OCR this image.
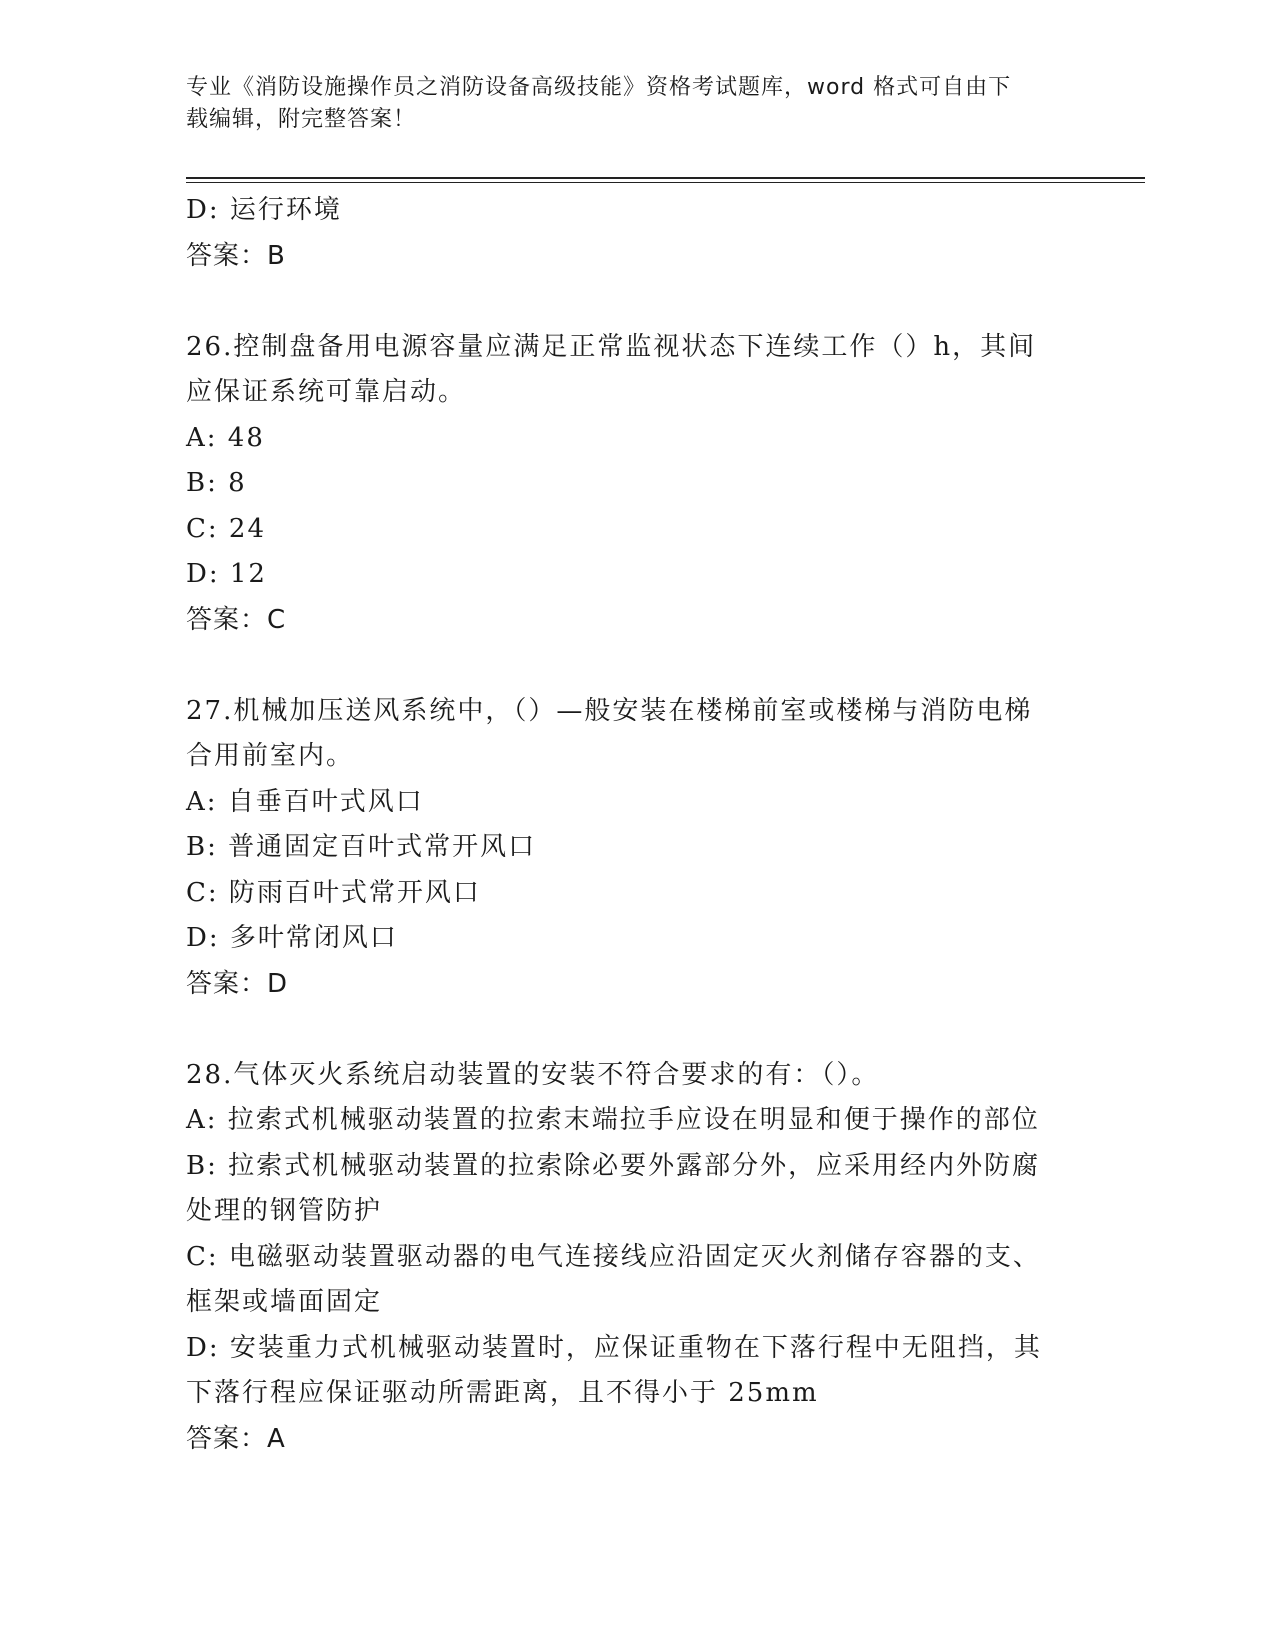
专业《消防设施操作员之消防设备高级技能》资格考试题库，word 格式可自由下
载编辑，附完整答案！
D: 运行环境
答案：B
26.控制盘备用电源容量应满足正常监视状态下连续工作（）h，其间
应保证系统可靠启动。
A: 48
B: 8
C: 24
D: 12
答案：C
27.机械加压送风系统中，（）—般安装在楼梯前室或楼梯与消防电梯
合用前室内。
A: 自垂百叶式风口
B: 普通固定百叶式常开风口
C: 防雨百叶式常开风口
D: 多叶常闭风口
答案：D
28.气体灭火系统启动装置的安装不符合要求的有：（）。
A: 拉索式机械驱动装置的拉索末端拉手应设在明显和便于操作的部位
B: 拉索式机械驱动装置的拉索除必要外露部分外，应采用经内外防腐
处理的钢管防护
C: 电磁驱动装置驱动器的电气连接线应沿固定灭火剂储存容器的支、
框架或墙面固定
D: 安装重力式机械驱动装置时，应保证重物在下落行程中无阻挡，其
下落行程应保证驱动所需距离，且不得小于 25mm
答案：A
